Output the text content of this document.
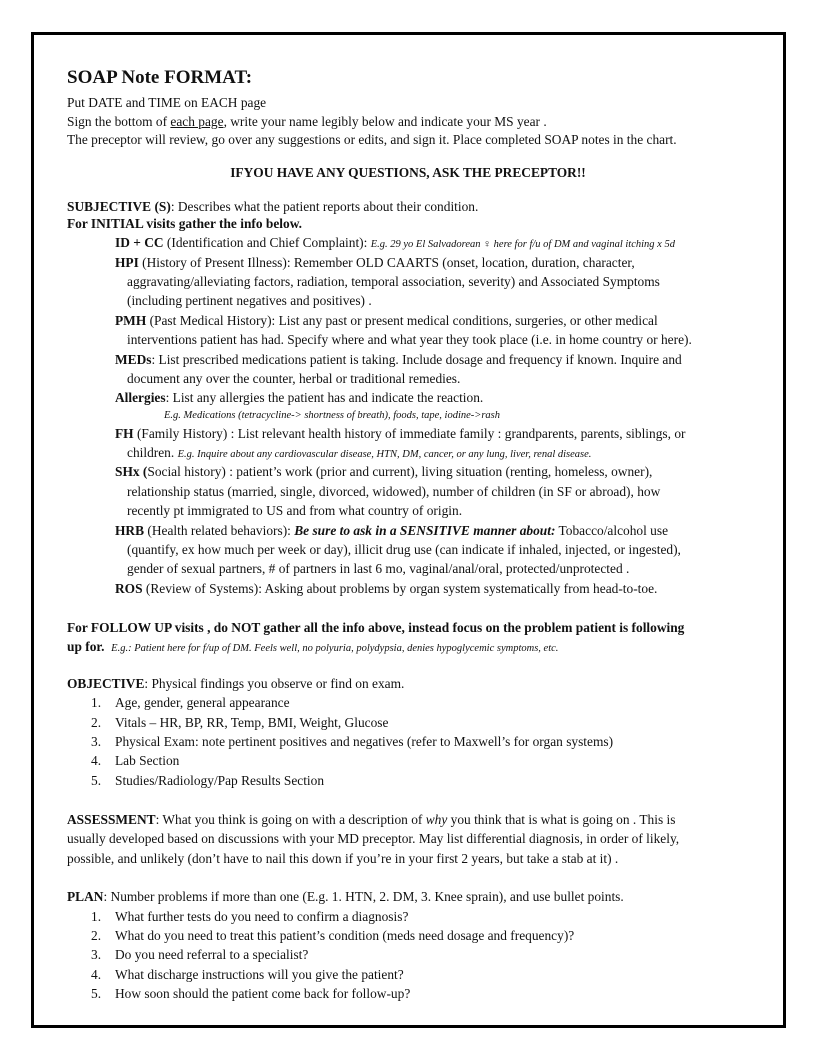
SOAP Note FORMAT:
Put DATE and TIME on EACH page
Sign the bottom of each page, write your name legibly below and indicate your MS year .
The preceptor will review, go over any suggestions or edits, and sign it. Place completed SOAP notes in the chart.
IFYOU HAVE ANY QUESTIONS, ASK THE PRECEPTOR!!
SUBJECTIVE (S): Describes what the patient reports about their condition.
For INITIAL visits gather the info below.
ID + CC (Identification and Chief Complaint): E.g. 29 yo El Salvadorean ♀ here for f/u of DM and vaginal itching x 5d
HPI (History of Present Illness): Remember OLD CAARTS (onset, location, duration, character,
aggravating/alleviating factors, radiation, temporal association, severity) and Associated Symptoms
(including pertinent negatives and positives) .
PMH (Past Medical History): List any past or present medical conditions, surgeries, or other medical
interventions patient has had. Specify where and what year they took place (i.e. in home country or here).
MEDs: List prescribed medications patient is taking. Include dosage and frequency if known. Inquire and
document any over the counter, herbal or traditional remedies.
Allergies: List any allergies the patient has and indicate the reaction.
E.g. Medications (tetracycline-> shortness of breath), foods, tape, iodine->rash
FH (Family History) : List relevant health history of immediate family : grandparents, parents, siblings, or
children. E.g. Inquire about any cardiovascular disease, HTN, DM, cancer, or any lung, liver, renal disease.
SHx (Social history) : patient’s work (prior and current), living situation (renting, homeless, owner),
relationship status (married, single, divorced, widowed), number of children (in SF or abroad), how
recently pt immigrated to US and from what country of origin.
HRB (Health related behaviors): Be sure to ask in a SENSITIVE manner about: Tobacco/alcohol use
(quantify, ex how much per week or day), illicit drug use (can indicate if inhaled, injected, or ingested),
gender of sexual partners, # of partners in last 6 mo, vaginal/anal/oral, protected/unprotected .
ROS (Review of Systems): Asking about problems by organ system systematically from head-to-toe.
For FOLLOW UP visits , do NOT gather all the info above, instead focus on the problem patient is following
up for. E.g.: Patient here for f/up of DM. Feels well, no polyuria, polydypsia, denies hypoglycemic symptoms, etc.
OBJECTIVE: Physical findings you observe or find on exam.
1. Age, gender, general appearance
2. Vitals – HR, BP, RR, Temp, BMI, Weight, Glucose
3. Physical Exam: note pertinent positives and negatives (refer to Maxwell’s for organ systems)
4. Lab Section
5. Studies/Radiology/Pap Results Section
ASSESSMENT: What you think is going on with a description of why you think that is what is going on . This is
usually developed based on discussions with your MD preceptor. May list differential diagnosis, in order of likely,
possible, and unlikely (don’t have to nail this down if you’re in your first 2 years, but take a stab at it) .
PLAN: Number problems if more than one (E.g. 1. HTN, 2. DM, 3. Knee sprain), and use bullet points.
1. What further tests do you need to confirm a diagnosis?
2. What do you need to treat this patient’s condition (meds need dosage and frequency)?
3. Do you need referral to a specialist?
4. What discharge instructions will you give the patient?
5. How soon should the patient come back for follow-up?
